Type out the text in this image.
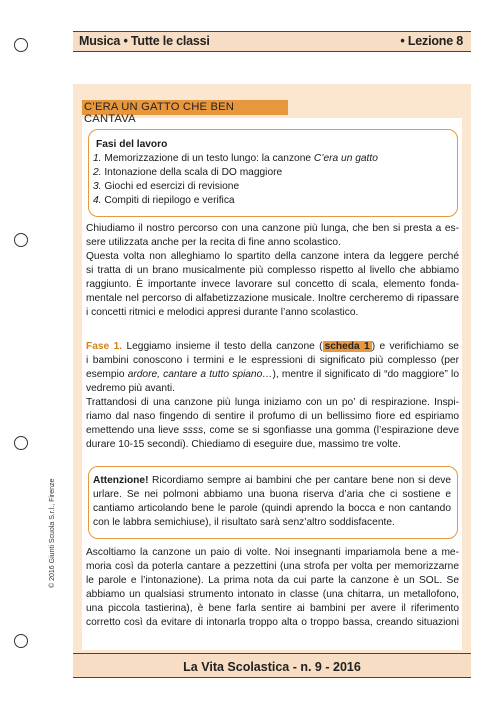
Musica • Tutte le classi	• Lezione 8
C’ERA UN GATTO CHE BEN CANTAVA
Fasi del lavoro
1. Memorizzazione di un testo lungo: la canzone C’era un gatto
2. Intonazione della scala di DO maggiore
3. Giochi ed esercizi di revisione
4. Compiti di riepilogo e verifica
Chiudiamo il nostro percorso con una canzone più lunga, che ben si presta a es-
sere utilizzata anche per la recita di fine anno scolastico.
Questa volta non alleghiamo lo spartito della canzone intera da leggere perché
si tratta di un brano musicalmente più complesso rispetto al livello che abbiamo
raggiunto. È importante invece lavorare sul concetto di scala, elemento fonda-
mentale nel percorso di alfabetizzazione musicale. Inoltre cercheremo di ripassare
i concetti ritmici e melodici appresi durante l’anno scolastico.
Fase 1. Leggiamo insieme il testo della canzone ( scheda 1 ) e verifichiamo se
i bambini conoscono i termini e le espressioni di significato più complesso (per
esempio ardore, cantare a tutto spiano…), mentre il significato di “do maggiore” lo
vedremo più avanti.
Trattandosi di una canzone più lunga iniziamo con un po’ di respirazione. Inspi-
riamo dal naso fingendo di sentire il profumo di un bellissimo fiore ed espiriamo
emettendo una lieve ssss, come se si sgonfiasse una gomma (l’espirazione deve
durare 10-15 secondi). Chiediamo di eseguire due, massimo tre volte.
Attenzione! Ricordiamo sempre ai bambini che per cantare bene non si deve
urlare. Se nei polmoni abbiamo una buona riserva d’aria che ci sostiene e
cantiamo articolando bene le parole (quindi aprendo la bocca e non cantando
con le labbra semichiuse), il risultato sarà senz’altro soddisfacente.
Ascoltiamo la canzone un paio di volte. Noi insegnanti impariamola bene a me-
moria così da poterla cantare a pezzettini (una strofa per volta per memorizzarne
le parole e l’intonazione). La prima nota da cui parte la canzone è un SOL. Se
abbiamo un qualsiasi strumento intonato in classe (una chitarra, un metallofono,
una piccola tastierina), è bene farla sentire ai bambini per avere il riferimento
corretto così da evitare di intonarla troppo alta o troppo bassa, creando situazioni
© 2016 Giunti Scuola S.r.l., Firenze
$_{La Vita Scolastica - n. 9 - 2016}$
